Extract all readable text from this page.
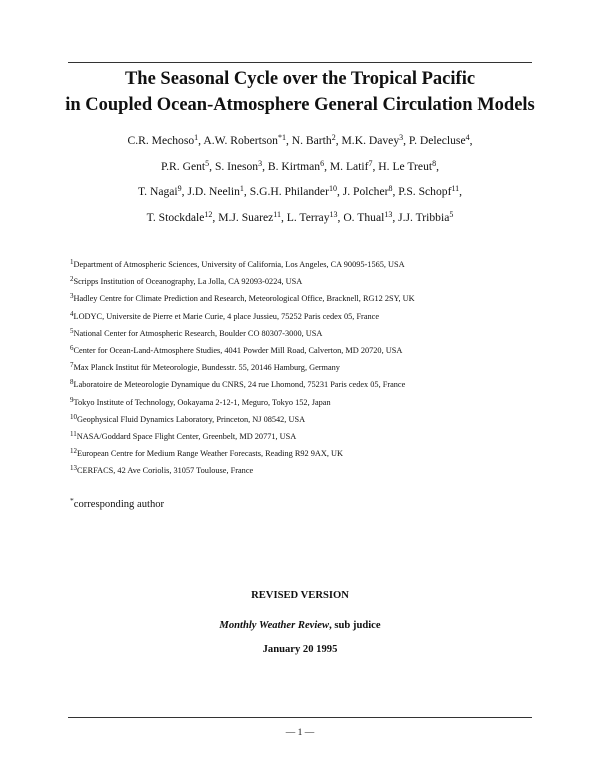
The Seasonal Cycle over the Tropical Pacific
in Coupled Ocean-Atmosphere General Circulation Models
C.R. Mechoso$^1$, A.W. Robertson$^{*1}$, N. Barth$^2$, M.K. Davey$^3$, P. Delecluse$^4$,
P.R. Gent$^5$, S. Ineson$^3$, B. Kirtman$^6$, M. Latif$^7$, H. Le Treut$^8$,
T. Nagai$^9$, J.D. Neelin$^1$, S.G.H. Philander$^{10}$, J. Polcher$^8$, P.S. Schopf$^{11}$,
T. Stockdale$^{12}$, M.J. Suarez$^{11}$, L. Terray$^{13}$, O. Thual$^{13}$, J.J. Tribbia$^5$
$^1$Department of Atmospheric Sciences, University of California, Los Angeles, CA 90095-1565, USA
$^2$Scripps Institution of Oceanography, La Jolla, CA 92093-0224, USA
$^3$Hadley Centre for Climate Prediction and Research, Meteorological Office, Bracknell, RG12 2SY, UK
$^4$LODYC, Universite de Pierre et Marie Curie, 4 place Jussieu, 75252 Paris cedex 05, France
$^5$National Center for Atmospheric Research, Boulder CO 80307-3000, USA
$^6$Center for Ocean-Land-Atmosphere Studies, 4041 Powder Mill Road, Calverton, MD 20720, USA
$^7$Max Planck Institut für Meteorologie, Bundesstr. 55, 20146 Hamburg, Germany
$^8$Laboratoire de Meteorologie Dynamique du CNRS, 24 rue Lhomond, 75231 Paris cedex 05, France
$^9$Tokyo Institute of Technology, Ookayama 2-12-1, Meguro, Tokyo 152, Japan
$^{10}$Geophysical Fluid Dynamics Laboratory, Princeton, NJ 08542, USA
$^{11}$NASA/Goddard Space Flight Center, Greenbelt, MD 20771, USA
$^{12}$European Centre for Medium Range Weather Forecasts, Reading R92 9AX, UK
$^{13}$CERFACS, 42 Ave Coriolis, 31057 Toulouse, France
*corresponding author
REVISED VERSION
Monthly Weather Review, sub judice
January 20 1995
— 1 —
